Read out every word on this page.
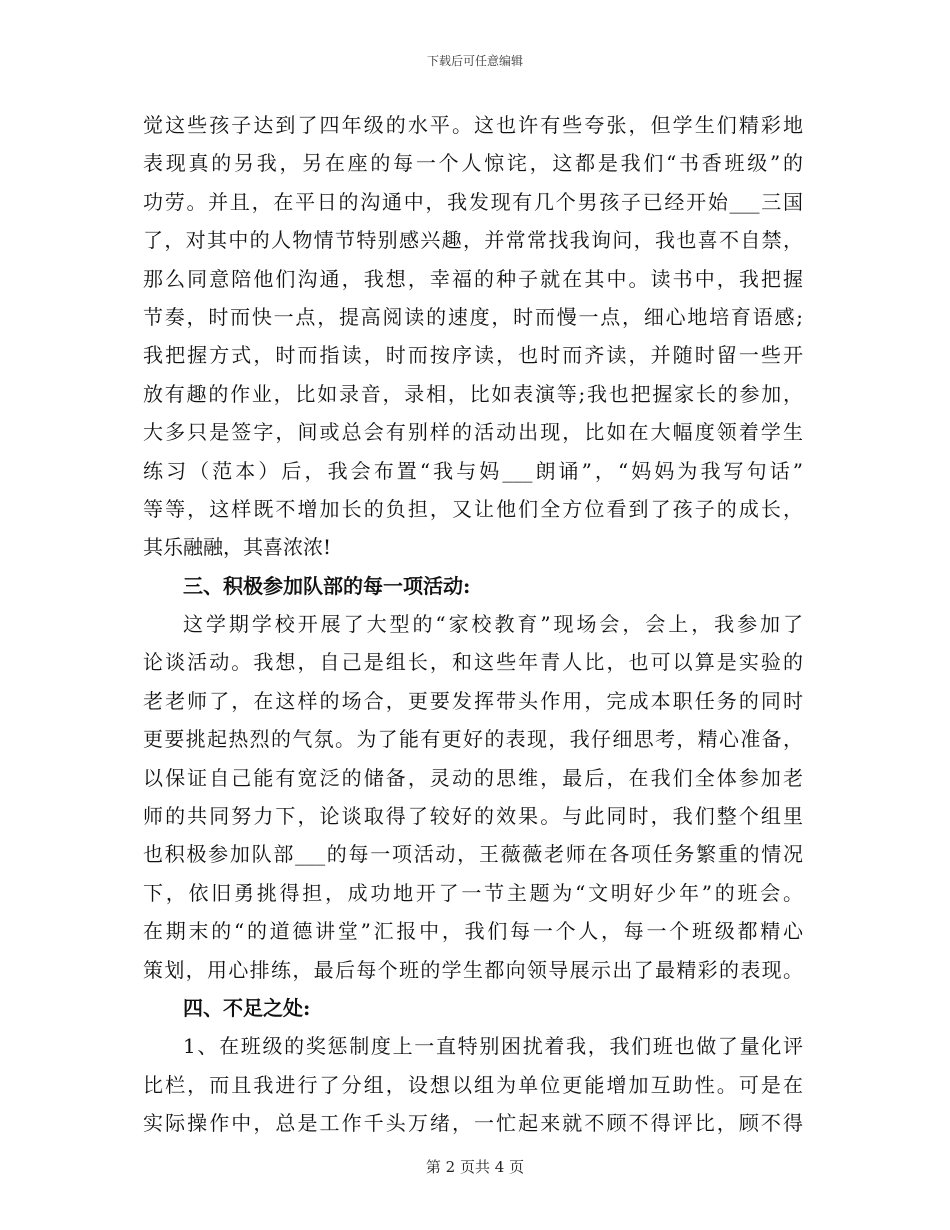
下载后可任意编辑
觉这些孩子达到了四年级的水平。这也许有些夸张，但学生们精彩地
表现真的另我，另在座的每一个人惊诧，这都是我们“书香班级”的
功劳。并且，在平日的沟通中，我发现有几个男孩子已经开始___三国
了，对其中的人物情节特别感兴趣，并常常找我询问，我也喜不自禁，
那么同意陪他们沟通，我想，幸福的种子就在其中。读书中，我把握
节奏，时而快一点，提高阅读的速度，时而慢一点，细心地培育语感;
我把握方式，时而指读，时而按序读，也时而齐读，并随时留一些开
放有趣的作业，比如录音，录相，比如表演等;我也把握家长的参加，
大多只是签字，间或总会有别样的活动出现，比如在大幅度领着学生
练习（范本）后，我会布置“我与妈___朗诵”，“妈妈为我写句话”
等等，这样既不增加长的负担，又让他们全方位看到了孩子的成长，
其乐融融，其喜浓浓!
三、积极参加队部的每一项活动:
这学期学校开展了大型的“家校教育”现场会，会上，我参加了
论谈活动。我想，自己是组长，和这些年青人比，也可以算是实验的
老老师了，在这样的场合，更要发挥带头作用，完成本职任务的同时
更要挑起热烈的气氛。为了能有更好的表现，我仔细思考，精心准备，
以保证自己能有宽泛的储备，灵动的思维，最后，在我们全体参加老
师的共同努力下，论谈取得了较好的效果。与此同时，我们整个组里
也积极参加队部___的每一项活动，王薇薇老师在各项任务繁重的情况
下，依旧勇挑得担，成功地开了一节主题为“文明好少年”的班会。
在期末的“的道德讲堂”汇报中，我们每一个人，每一个班级都精心
策划，用心排练，最后每个班的学生都向领导展示出了最精彩的表现。
四、不足之处:
1、在班级的奖惩制度上一直特别困扰着我，我们班也做了量化评
比栏，而且我进行了分组，设想以组为单位更能增加互助性。可是在
实际操作中，总是工作千头万绪，一忙起来就不顾不得评比，顾不得
第 2 页共 4 页
